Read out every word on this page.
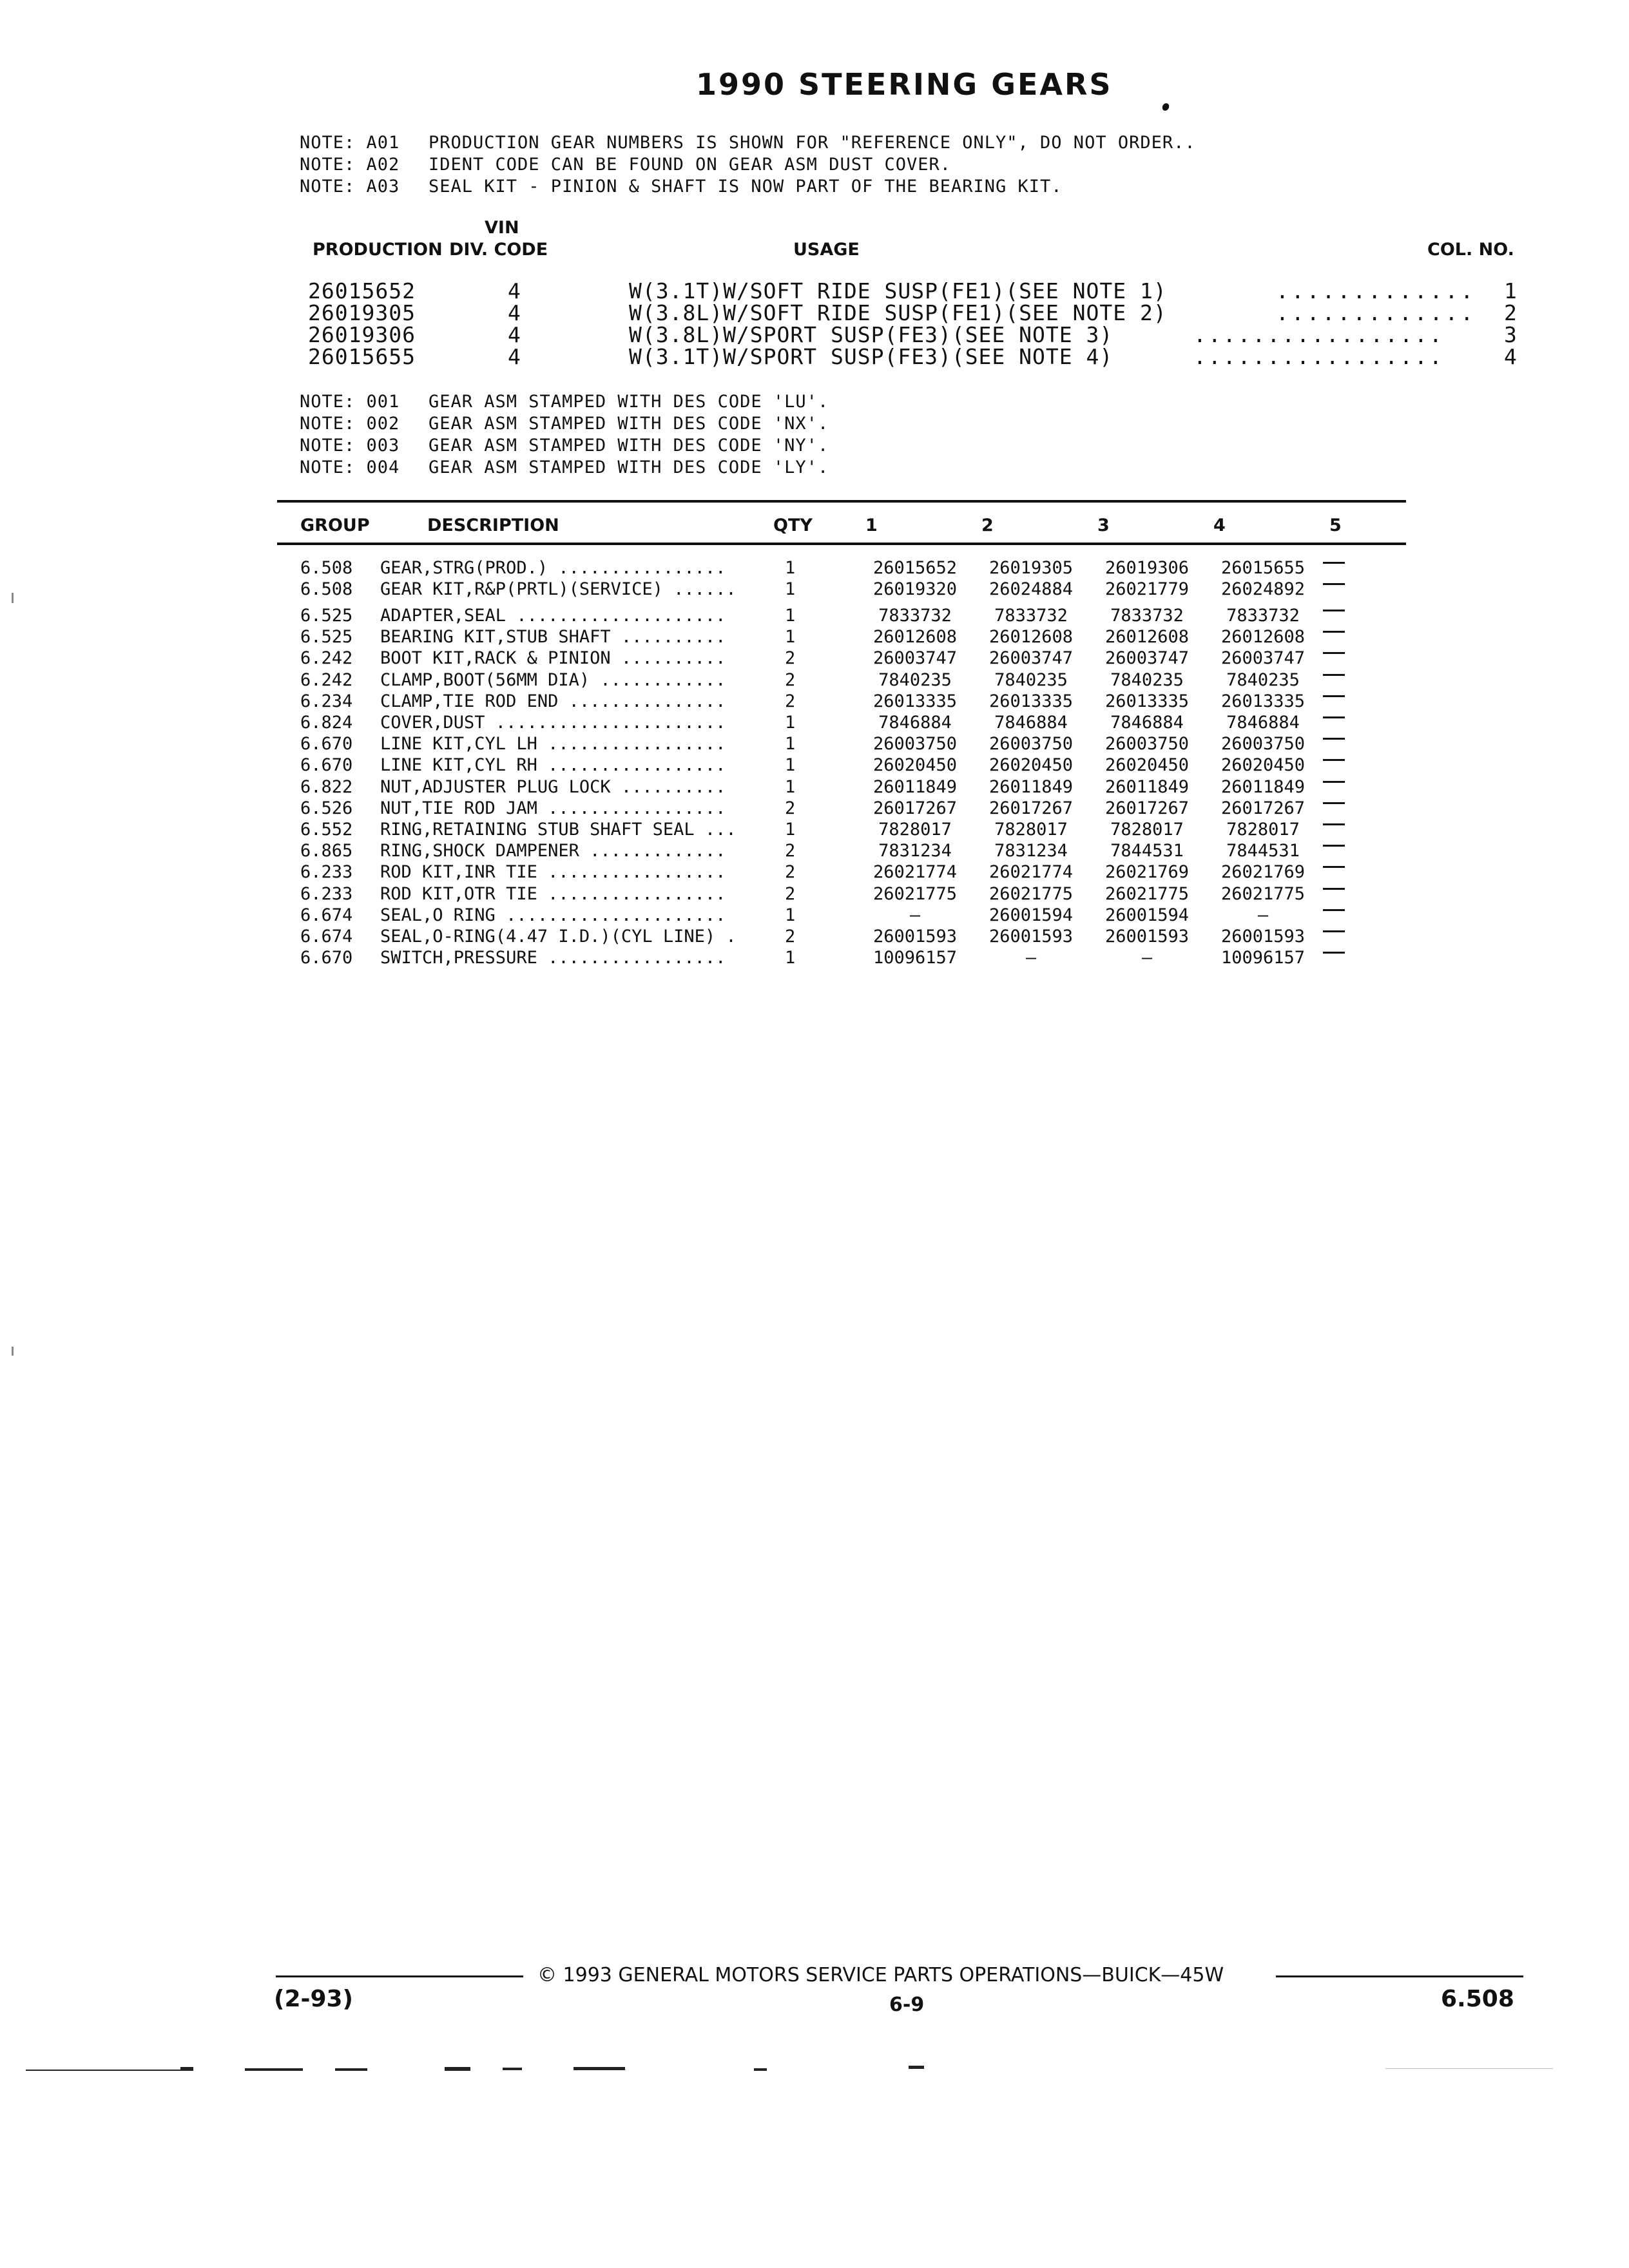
1990 STEERING GEARS
NOTE: A01 PRODUCTION GEAR NUMBERS IS SHOWN FOR "REFERENCE ONLY", DO NOT ORDER..
NOTE: A02 IDENT CODE CAN BE FOUND ON GEAR ASM DUST COVER.
NOTE: A03 SEAL KIT - PINION & SHAFT IS NOW PART OF THE BEARING KIT.
VIN
PRODUCTION DIV. CODE	USAGE	COL. NO.
26015652	4	W(3.1T)W/SOFT RIDE SUSP(FE1)(SEE NOTE 1)	............. 1
26019305	4	W(3.8L)W/SOFT RIDE SUSP(FE1)(SEE NOTE 2)	............. 2
26019306	4	W(3.8L)W/SPORT SUSP(FE3)(SEE NOTE 3)	.................	3
26015655	4	W(3.1T)W/SPORT SUSP(FE3)(SEE NOTE 4)	.................	4
NOTE: 001 GEAR ASM STAMPED WITH DES CODE 'LU'.
NOTE: 002 GEAR ASM STAMPED WITH DES CODE 'NX'.
NOTE: 003 GEAR ASM STAMPED WITH DES CODE 'NY'.
NOTE: 004 GEAR ASM STAMPED WITH DES CODE 'LY'.
GROUP	DESCRIPTION	QTY	1	2	3	4	5
6.508 GEAR,STRG(PROD.) ................	1	26015652	26019305	26019306	26015655
6.508 GEAR KIT,R&P(PRTL)(SERVICE) ......	1	26019320	26024884	26021779	26024892
6.525 ADAPTER,SEAL ....................	1	7833732	7833732	7833732	7833732
6.525 BEARING KIT,STUB SHAFT ..........	1	26012608	26012608	26012608	26012608
6.242 BOOT KIT,RACK & PINION ..........	2	26003747	26003747	26003747	26003747
6.242 CLAMP,BOOT(56MM DIA) ............	2	7840235	7840235	7840235	7840235
6.234 CLAMP,TIE ROD END ...............	2	26013335	26013335	26013335	26013335
6.824 COVER,DUST ......................	1	7846884	7846884	7846884	7846884
6.670 LINE KIT,CYL LH .................	1	26003750	26003750	26003750	26003750
6.670 LINE KIT,CYL RH .................	1	26020450	26020450	26020450	26020450
6.822 NUT,ADJUSTER PLUG LOCK ..........	1	26011849	26011849	26011849	26011849
6.526 NUT,TIE ROD JAM .................	2	26017267	26017267	26017267	26017267
6.552 RING,RETAINING STUB SHAFT SEAL ...	1	7828017	7828017	7828017	7828017
6.865 RING,SHOCK DAMPENER .............	2	7831234	7831234	7844531	7844531
6.233 ROD KIT,INR TIE .................	2	26021774	26021774	26021769	26021769
6.233 ROD KIT,OTR TIE .................	2	26021775	26021775	26021775	26021775
6.674 SEAL,O RING .....................	1	—	26001594	26001594	—
6.674 SEAL,O-RING(4.47 I.D.)(CYL LINE) .	2	26001593	26001593	26001593	26001593
6.670 SWITCH,PRESSURE .................	1	10096157	—	—	10096157
© 1993 GENERAL MOTORS SERVICE PARTS OPERATIONS—BUICK—45W
(2-93)	6-9	6.508
